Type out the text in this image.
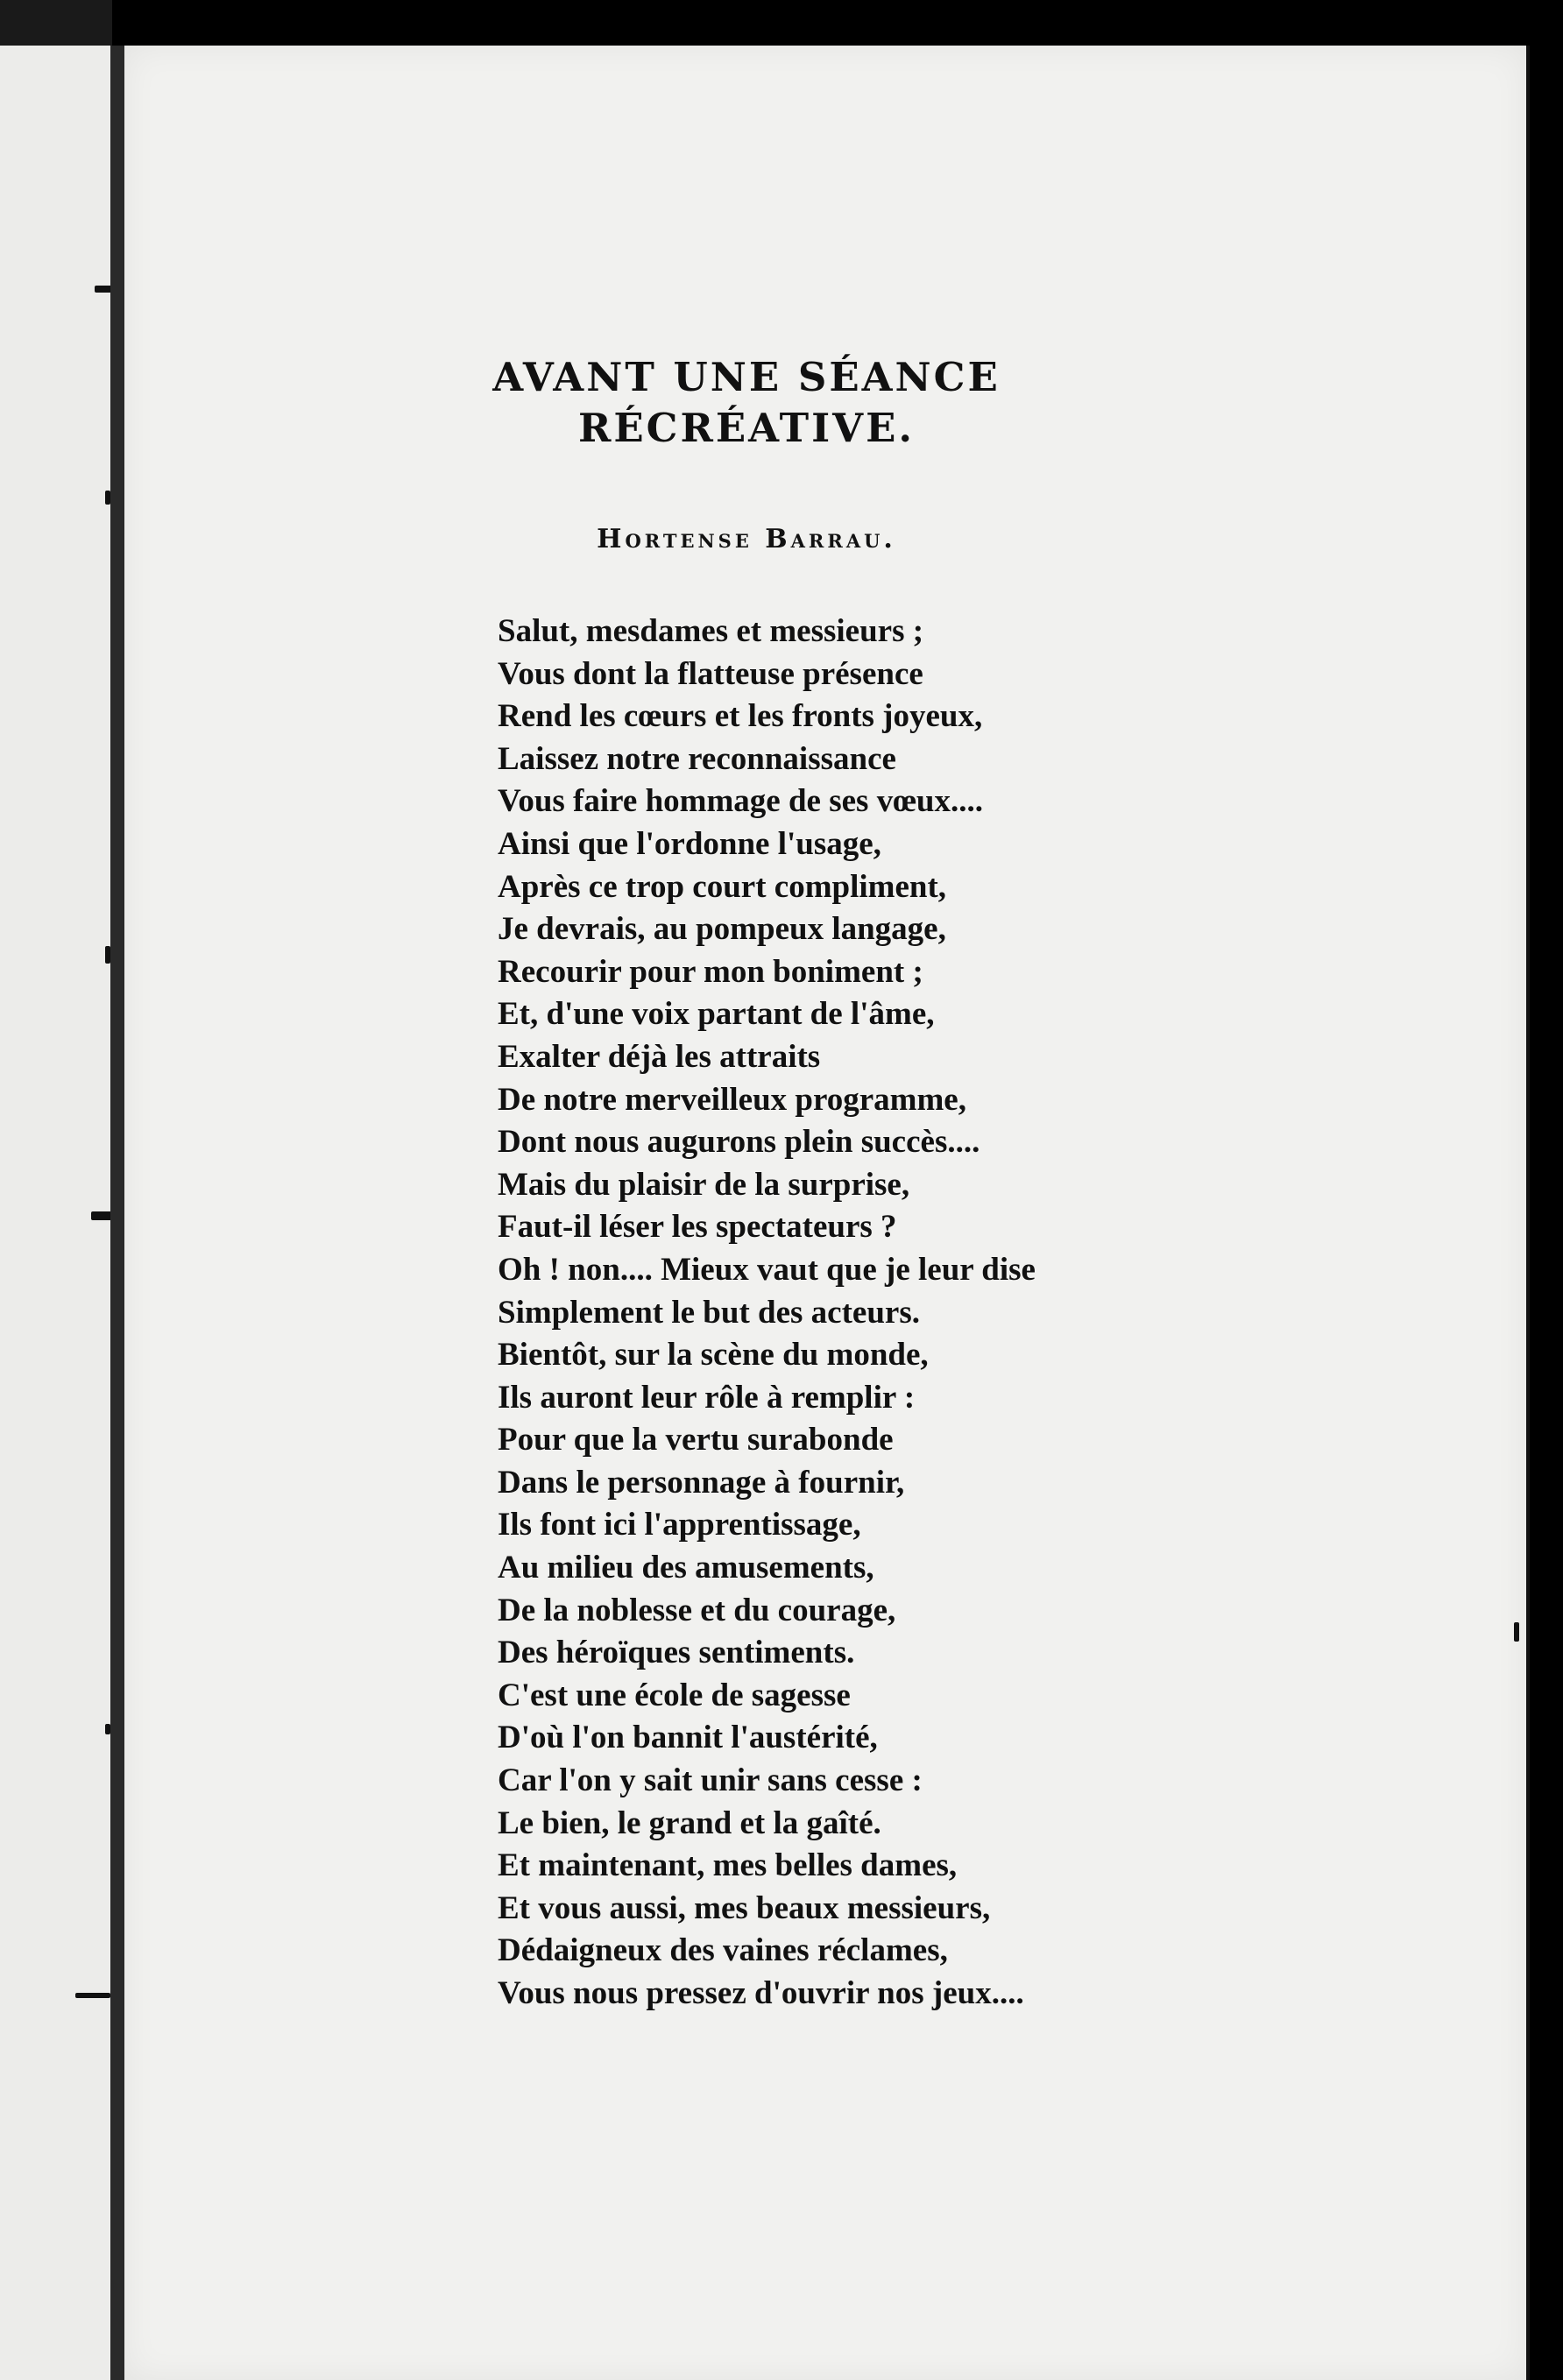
AVANT UNE SÉANCE
RÉCRÉATIVE.
Hortense Barrau.
Salut, mesdames et messieurs ;
Vous dont la flatteuse présence
Rend les cœurs et les fronts joyeux,
Laissez notre reconnaissance
Vous faire hommage de ses vœux....
Ainsi que l'ordonne l'usage,
Après ce trop court compliment,
Je devrais, au pompeux langage,
Recourir pour mon boniment ;
Et, d'une voix partant de l'âme,
Exalter déjà les attraits
De notre merveilleux programme,
Dont nous augurons plein succès....
Mais du plaisir de la surprise,
Faut-il léser les spectateurs ?
Oh ! non.... Mieux vaut que je leur dise
Simplement le but des acteurs.
Bientôt, sur la scène du monde,
Ils auront leur rôle à remplir :
Pour que la vertu surabonde
Dans le personnage à fournir,
Ils font ici l'apprentissage,
Au milieu des amusements,
De la noblesse et du courage,
Des héroïques sentiments.
C'est une école de sagesse
D'où l'on bannit l'austérité,
Car l'on y sait unir sans cesse :
Le bien, le grand et la gaîté.
Et maintenant, mes belles dames,
Et vous aussi, mes beaux messieurs,
Dédaigneux des vaines réclames,
Vous nous pressez d'ouvrir nos jeux....
